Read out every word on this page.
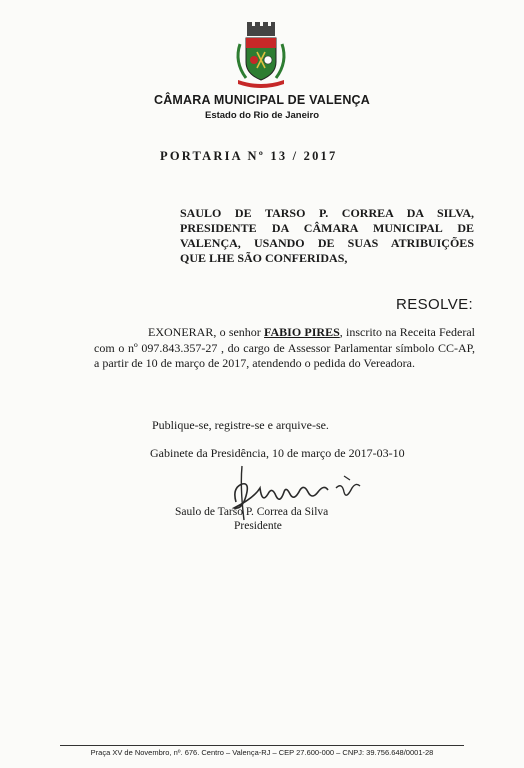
CÂMARA MUNICIPAL DE VALENÇA
Estado do Rio de Janeiro
PORTARIA Nº 13 / 2017
SAULO DE TARSO P. CORREA DA SILVA,
PRESIDENTE DA CÂMARA MUNICIPAL DE
VALENÇA, USANDO DE SUAS ATRIBUIÇÕES
QUE LHE SÃO CONFERIDAS,
RESOLVE:
EXONERAR, o senhor FABIO PIRES, inscrito na Receita Federal com o nº 097.843.357-27 , do cargo de Assessor Parlamentar símbolo CC-AP, a partir de 10 de março de 2017, atendendo o pedida do Vereadora.
Publique-se, registre-se e arquive-se.
Gabinete da Presidência, 10 de março de 2017-03-10
Saulo de Tarso P. Correa da Silva
Presidente
Praça XV de Novembro, nº. 676. Centro – Valença-RJ – CEP 27.600-000 – CNPJ: 39.756.648/0001-28
